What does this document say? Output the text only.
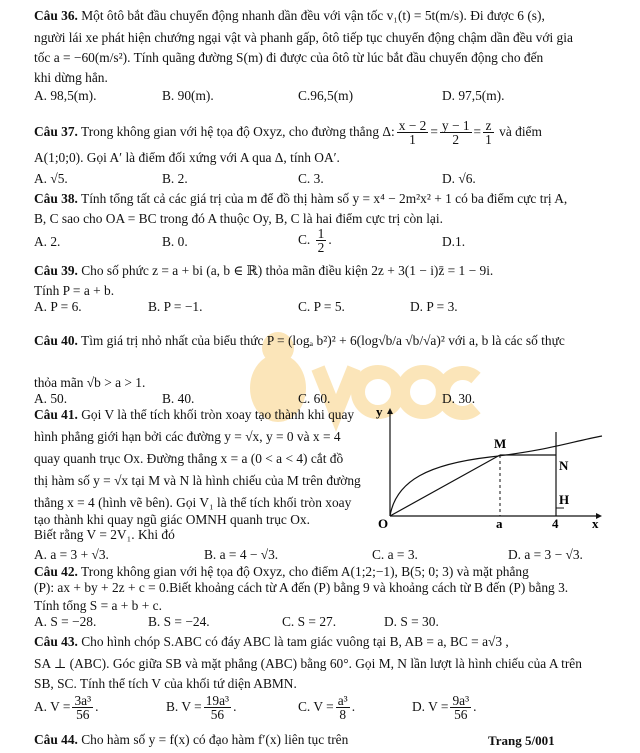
Câu 36. Một ôtô bắt đầu chuyển động nhanh dần đều với vận tốc v₁(t) = 5t(m/s). Đi được 6 (s),
người lái xe phát hiện chướng ngại vật và phanh gấp, ôtô tiếp tục chuyển động chậm dần đều với gia
tốc a = −60(m/s²). Tính quãng đường S(m) đi được của ôtô từ lúc bắt đầu chuyển động cho đến
khi dừng hẳn.
A. 98,5(m).	B. 90(m).	C.96,5(m)	D. 97,5(m).
Câu 37. Trong không gian với hệ tọa độ Oxyz, cho đường thẳng Δ: $\frac{x - 2}{1} = \frac{y - 1}{2} = \frac{z}{1}$ và điểm
A(1;0;0). Gọi A′ là điểm đối xứng với A qua Δ, tính OA′.
A. √5.	B. 2.	C. 3.	D. √6.
Câu 38. Tính tổng tất cả các giá trị của m để đồ thị hàm số y = x⁴ − 2m²x² + 1 có ba điểm cực trị A,
B, C sao cho OA = BC trong đó A thuộc Oy, B, C là hai điểm cực trị còn lại.
A. 2.	B. 0.	C. $\frac{1}{2}$ .	D.1.
Câu 39. Cho số phức z = a + bi (a, b ∈ ℝ) thỏa mãn điều kiện 2z + 3(1 − i)z̄ = 1 − 9i.
Tính P = a + b.
A. P = 6.	B. P = −1.	C. P = 5.	D. P = 3.
Câu 40. Tìm giá trị nhỏ nhất của biểu thức P = (logₐ b²)² + 6(log√b/a √b/√a)² với a, b là các số thực
thỏa mãn √b > a > 1.
A. 50.	B. 40.	C. 60.	D. 30.
Câu 41. Gọi V là thể tích khối tròn xoay tạo thành khi quay
hình phẳng giới hạn bởi các đường y = √x, y = 0 và x = 4
quay quanh trục Ox. Đường thẳng x = a (0 < a < 4) cắt đồ
thị hàm số y = √x tại M và N là hình chiếu của M trên đường
thẳng x = 4 (hình vẽ bên). Gọi V₁ là thể tích khối tròn xoay
tạo thành khi quay ngũ giác OMNH quanh trục Ox.
Biết rằng V = 2V₁. Khi đó
y
x
O	a	4
M
N
H
A. a = 3 + √3.	B. a = 4 − √3.	C. a = 3.	D. a = 3 − √3.
Câu 42. Trong không gian với hệ tọa độ Oxyz, cho điểm A(1;2;−1), B(5; 0; 3) và mặt phẳng
(P): ax + by + 2z + c = 0.Biết khoảng cách từ A đến (P) bằng 9 và khoảng cách từ B đến (P) bằng 3.
Tính tổng S = a + b + c.
A. S = −28.	B. S = −24.	C. S = 27.	D. S = 30.
Câu 43. Cho hình chóp S.ABC có đáy ABC là tam giác vuông tại B, AB = a, BC = a√3 ,
SA ⊥ (ABC). Góc giữa SB và mặt phẳng (ABC) bằng 60°. Gọi M, N lần lượt là hình chiếu của A trên
SB, SC. Tính thể tích V của khối tứ diện ABMN.
A. $V = \frac{\text{3a³}}{56}$ .	B. $V = \frac{\text{19a³}}{56}$ .	C. $V = \frac{\text{a³}}{8}$ .	D. $V = \frac{\text{9a³}}{56}$ .
Câu 44. Cho hàm số y = f(x) có đạo hàm f′(x) liên tục trên	Trang 5/001
